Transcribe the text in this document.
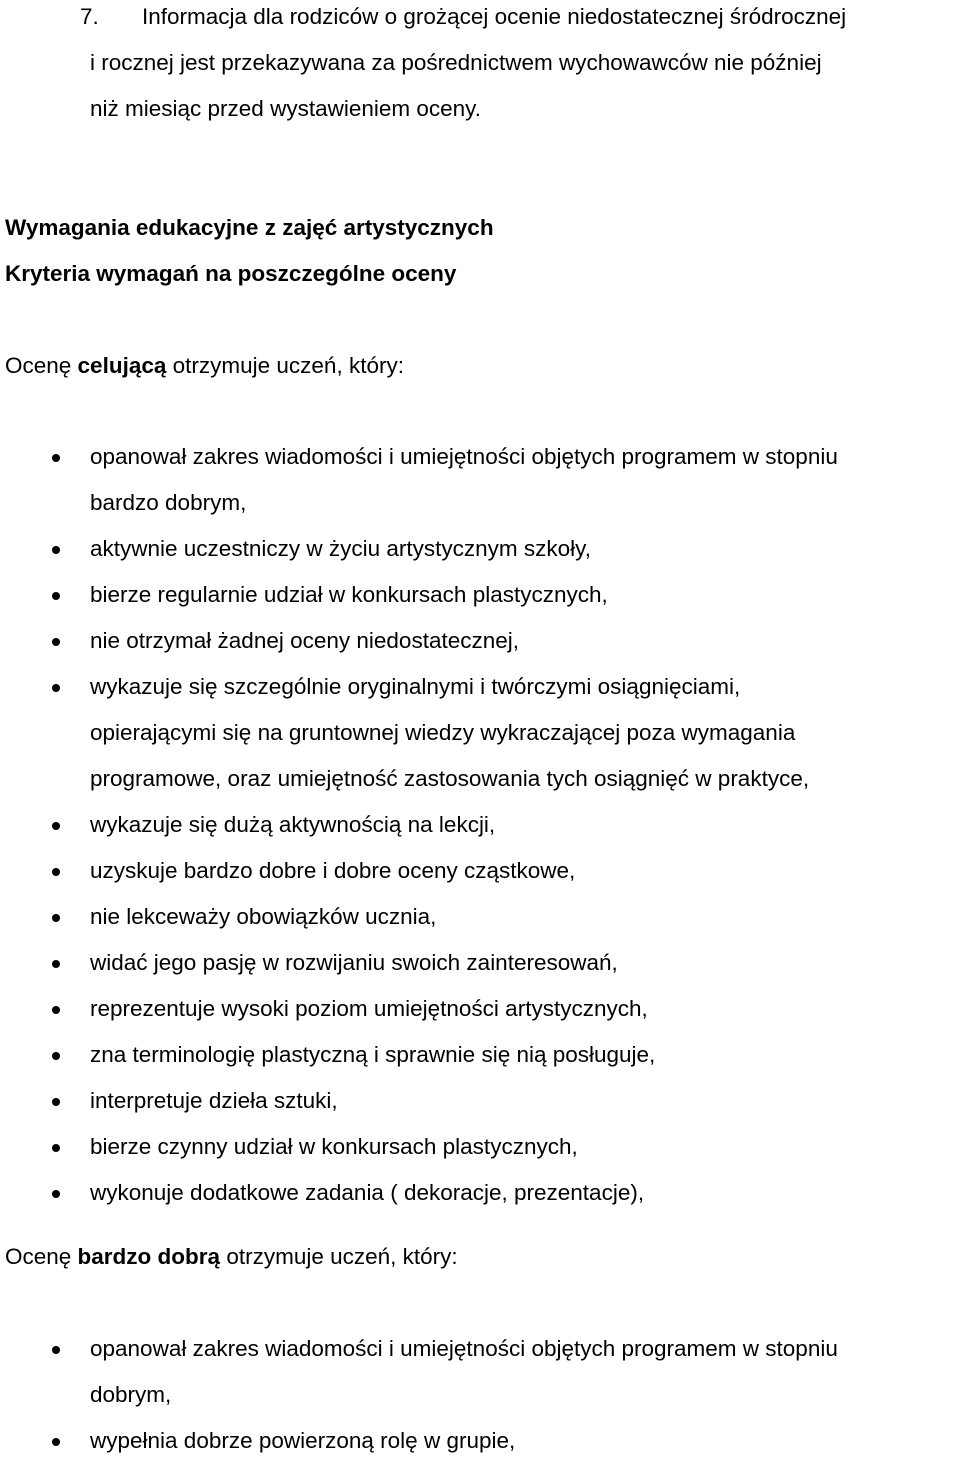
7. Informacja dla rodziców o grożącej ocenie niedostatecznej śródrocznej
i rocznej jest przekazywana za pośrednictwem wychowawców nie później
niż miesiąc przed wystawieniem oceny.
Wymagania edukacyjne z zajęć artystycznych
Kryteria wymagań na poszczególne oceny
Ocenę celującą otrzymuje uczeń, który:
opanował zakres wiadomości i umiejętności objętych programem w stopniu
bardzo dobrym,
aktywnie uczestniczy w życiu artystycznym szkoły,
bierze regularnie udział w konkursach plastycznych,
nie otrzymał żadnej oceny niedostatecznej,
wykazuje się szczególnie oryginalnymi i twórczymi osiągnięciami,
opierającymi się na gruntownej wiedzy wykraczającej poza wymagania
programowe, oraz umiejętność zastosowania tych osiągnięć w praktyce,
wykazuje się dużą aktywnością na lekcji,
uzyskuje bardzo dobre i dobre oceny cząstkowe,
nie lekceważy obowiązków ucznia,
widać jego pasję w rozwijaniu swoich zainteresowań,
reprezentuje wysoki poziom umiejętności artystycznych,
zna terminologię plastyczną i sprawnie się nią posługuje,
interpretuje dzieła sztuki,
bierze czynny udział w konkursach plastycznych,
wykonuje dodatkowe zadania ( dekoracje, prezentacje),
Ocenę bardzo dobrą otrzymuje uczeń, który:
opanował zakres wiadomości i umiejętności objętych programem w stopniu
dobrym,
wypełnia dobrze powierzoną rolę w grupie,
